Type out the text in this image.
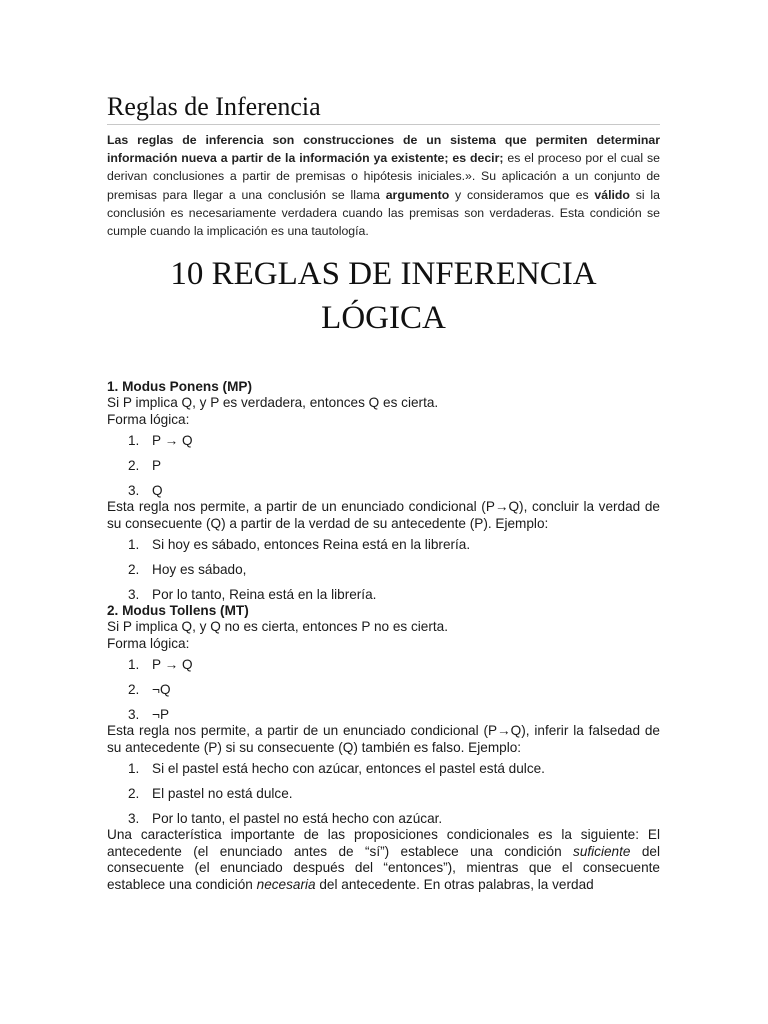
Reglas de Inferencia

Las reglas de inferencia son construcciones de un sistema que permiten determinar información nueva a partir de la información ya existente; es decir; es el proceso por el cual se derivan conclusiones a partir de premisas o hipótesis iniciales.». Su aplicación a un conjunto de premisas para llegar a una conclusión se llama argumento y consideramos que es válido si la conclusión es necesariamente verdadera cuando las premisas son verdaderas. Esta condición se cumple cuando la implicación es una tautología.

10 REGLAS DE INFERENCIA
LÓGICA
1. Modus Ponens (MP)

Si P implica Q, y P es verdadera, entonces Q es cierta.

Forma lógica:

1. P → Q
2. P
3. Q

Esta regla nos permite, a partir de un enunciado condicional (P→Q), concluir la verdad de su consecuente (Q) a partir de la verdad de su antecedente (P). Ejemplo:

1. Si hoy es sábado, entonces Reina está en la librería.
2. Hoy es sábado,
3. Por lo tanto, Reina está en la librería.
2. Modus Tollens (MT)

Si P implica Q, y Q no es cierta, entonces P no es cierta.

Forma lógica:

1. P → Q
2. ¬Q
3. ¬P

Esta regla nos permite, a partir de un enunciado condicional (P→Q), inferir la falsedad de su antecedente (P) si su consecuente (Q) también es falso. Ejemplo:

1. Si el pastel está hecho con azúcar, entonces el pastel está dulce.
2. El pastel no está dulce.
3. Por lo tanto, el pastel no está hecho con azúcar.

Una característica importante de las proposiciones condicionales es la siguiente: El antecedente (el enunciado antes de “sí”) establece una condición suficiente del consecuente (el enunciado después del “entonces”), mientras que el consecuente establece una condición necesaria del antecedente. En otras palabras, la verdad
